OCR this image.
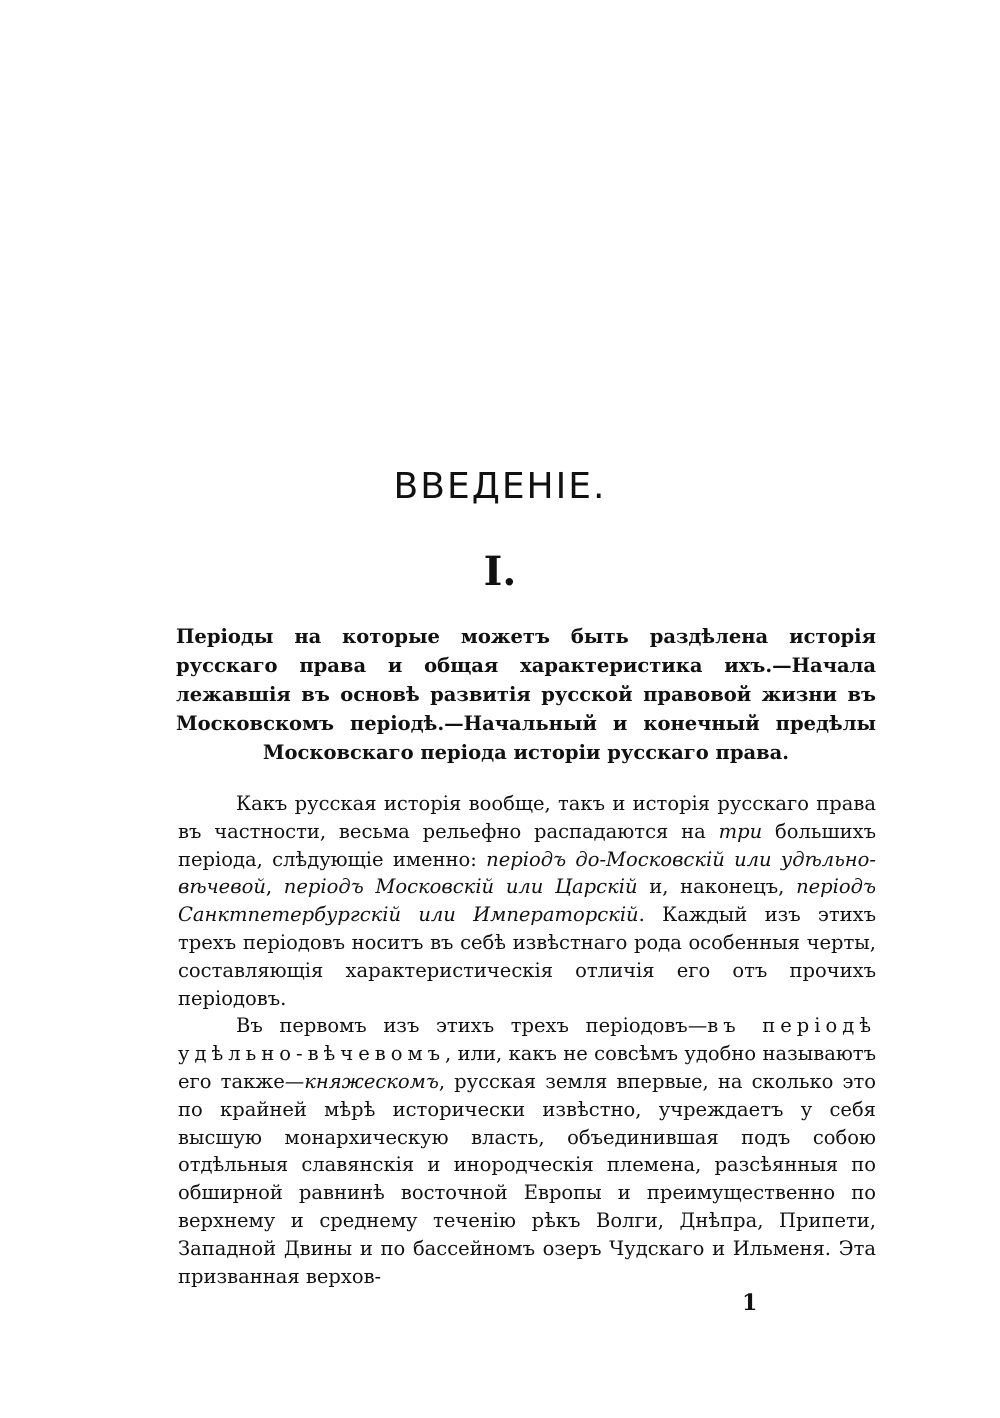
ВВЕДЕНІЕ.
I.
Періоды на которые можетъ быть раздѣлена исторія русскаго права и общая характеристика ихъ.—Начала лежавшія въ основѣ развитія русской правовой жизни въ Московскомъ періодѣ.—Начальный и конечный предѣлы Московскаго періода исторіи русскаго права.

Какъ русская исторія вообще, такъ и исторія русскаго права въ частности, весьма рельефно распадаются на три большихъ періода, слѣдующіе именно: періодъ до-Московскій или удѣльно-вѣчевой, періодъ Московскій или Царскій и, наконецъ, періодъ Санктпетербургскій или Императорскій. Каждый изъ этихъ трехъ періодовъ носитъ въ себѣ извѣстнаго рода особенныя черты, составляющія характеристическія отличія его отъ прочихъ періодовъ.

Въ первомъ изъ этихъ трехъ періодовъ—въ періодѣ удѣльно-вѣчевомъ, или, какъ не совсѣмъ удобно называютъ его также—княжескомъ, русская земля впервые, на сколько это по крайней мѣрѣ исторически извѣстно, учреждаетъ у себя высшую монархическую власть, объединившая подъ собою отдѣльныя славянскія и инородческія племена, разсѣянныя по обширной равнинѣ восточной Европы и преимущественно по верхнему и среднему теченію рѣкъ Волги, Днѣпра, Припети, Западной Двины и по бассейномъ озеръ Чудскаго и Ильменя. Эта призванная верхов-

1
